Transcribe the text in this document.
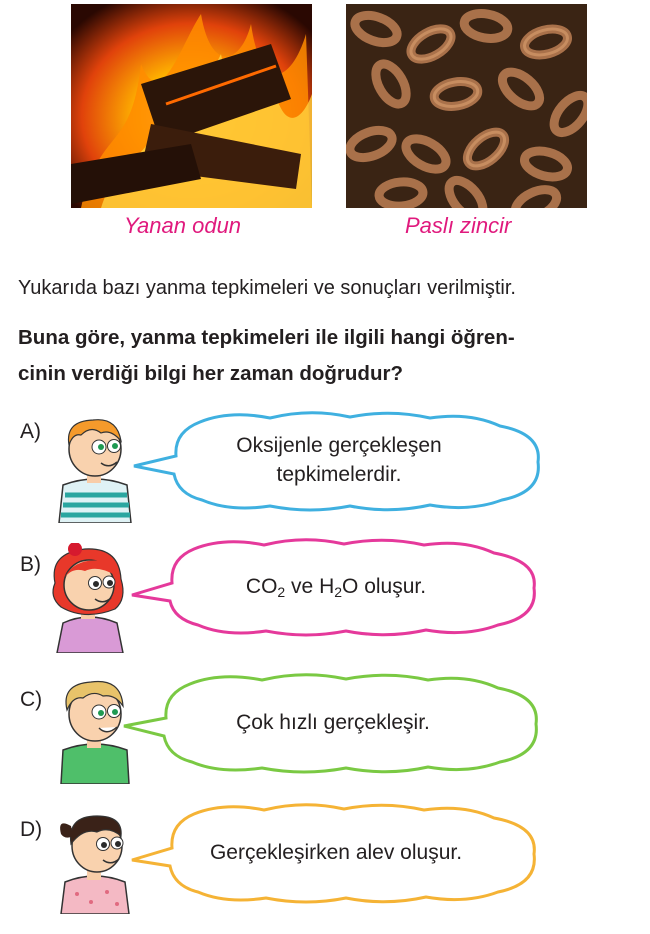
Yanan odun	Paslı zincir
Yukarıda bazı yanma tepkimeleri ve sonuçları verilmiştir.
Buna göre, yanma tepkimeleri ile ilgili hangi öğren-
cinin verdiği bilgi her zaman doğrudur?
A)
Oksijenle gerçekleşen
tepkimelerdir.
B)
$CO_2$ ve $H_2O$ oluşur.
C)
Çok hızlı gerçekleşir.
D)
Gerçekleşirken alev oluşur.
